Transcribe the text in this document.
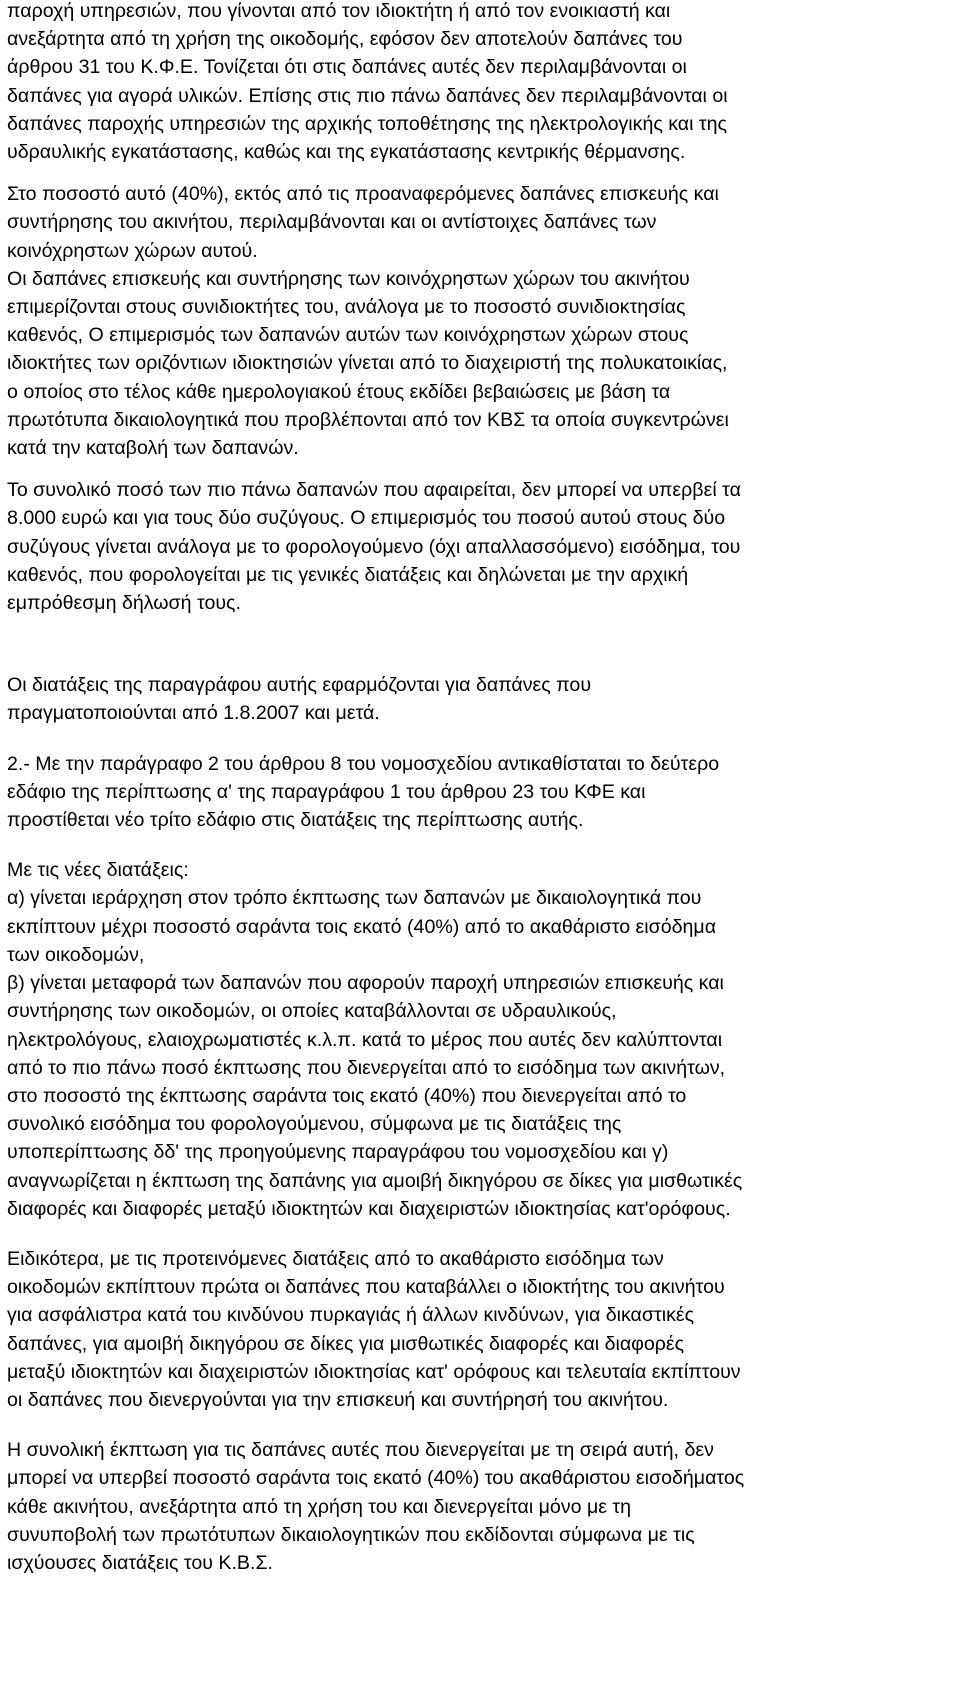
παροχή υπηρεσιών, που γίνονται από τον ιδιοκτήτη ή από τον ενοικιαστή και
ανεξάρτητα από τη χρήση της οικοδομής, εφόσον δεν αποτελούν δαπάνες του
άρθρου 31 του Κ.Φ.Ε. Τονίζεται ότι στις δαπάνες αυτές δεν περιλαμβάνονται οι
δαπάνες για αγορά υλικών. Επίσης στις πιο πάνω δαπάνες δεν περιλαμβάνονται οι
δαπάνες παροχής υπηρεσιών της αρχικής τοποθέτησης της ηλεκτρολογικής και της
υδραυλικής εγκατάστασης, καθώς και της εγκατάστασης κεντρικής θέρμανσης.
Στο ποσοστό αυτό (40%), εκτός από τις προαναφερόμενες δαπάνες επισκευής και
συντήρησης του ακινήτου, περιλαμβάνονται και οι αντίστοιχες δαπάνες των
κοινόχρηστων χώρων αυτού.
Οι δαπάνες επισκευής και συντήρησης των κοινόχρηστων χώρων του ακινήτου
επιμερίζονται στους συνιδιοκτήτες του, ανάλογα με το ποσοστό συνιδιοκτησίας
καθενός, Ο επιμερισμός των δαπανών αυτών των κοινόχρηστων χώρων στους
ιδιοκτήτες των οριζόντιων ιδιοκτησιών γίνεται από το διαχειριστή της πολυκατοικίας,
ο οποίος στο τέλος κάθε ημερολογιακού έτους εκδίδει βεβαιώσεις με βάση τα
πρωτότυπα δικαιολογητικά που προβλέπονται από τον ΚΒΣ τα οποία συγκεντρώνει
κατά την καταβολή των δαπανών.
Το συνολικό ποσό των πιο πάνω δαπανών που αφαιρείται, δεν μπορεί να υπερβεί τα
8.000 ευρώ και για τους δύο συζύγους. Ο επιμερισμός του ποσού αυτού στους δύο
συζύγους γίνεται ανάλογα με το φορολογούμενο (όχι απαλλασσόμενο) εισόδημα, του
καθενός, που φορολογείται με τις γενικές διατάξεις και δηλώνεται με την αρχική
εμπρόθεσμη δήλωσή τους.
Οι διατάξεις της παραγράφου αυτής εφαρμόζονται για δαπάνες που
πραγματοποιούνται από 1.8.2007 και μετά.
2.- Με την παράγραφο 2 του άρθρου 8 του νομοσχεδίου αντικαθίσταται το δεύτερο
εδάφιο της περίπτωσης α' της παραγράφου 1 του άρθρου 23 του ΚΦΕ και
προστίθεται νέο τρίτο εδάφιο στις διατάξεις της περίπτωσης αυτής.
Με τις νέες διατάξεις:
α) γίνεται ιεράρχηση στον τρόπο έκπτωσης των δαπανών με δικαιολογητικά που
εκπίπτουν μέχρι ποσοστό σαράντα τοις εκατό (40%) από το ακαθάριστο εισόδημα
των οικοδομών,
β) γίνεται μεταφορά των δαπανών που αφορούν παροχή υπηρεσιών επισκευής και
συντήρησης των οικοδομών, οι οποίες καταβάλλονται σε υδραυλικούς,
ηλεκτρολόγους, ελαιοχρωματιστές κ.λ.π. κατά το μέρος που αυτές δεν καλύπτονται
από το πιο πάνω ποσό έκπτωσης που διενεργείται από το εισόδημα των ακινήτων,
στο ποσοστό της έκπτωσης σαράντα τοις εκατό (40%) που διενεργείται από το
συνολικό εισόδημα του φορολογούμενου, σύμφωνα με τις διατάξεις της
υποπερίπτωσης δδ' της προηγούμενης παραγράφου του νομοσχεδίου και γ)
αναγνωρίζεται η έκπτωση της δαπάνης για αμοιβή δικηγόρου σε δίκες για μισθωτικές
διαφορές και διαφορές μεταξύ ιδιοκτητών και διαχειριστών ιδιοκτησίας κατ'ορόφους.
Ειδικότερα, με τις προτεινόμενες διατάξεις από το ακαθάριστο εισόδημα των
οικοδομών εκπίπτουν πρώτα οι δαπάνες που καταβάλλει ο ιδιοκτήτης του ακινήτου
για ασφάλιστρα κατά του κινδύνου πυρκαγιάς ή άλλων κινδύνων, για δικαστικές
δαπάνες, για αμοιβή δικηγόρου σε δίκες για μισθωτικές διαφορές και διαφορές
μεταξύ ιδιοκτητών και διαχειριστών ιδιοκτησίας κατ' ορόφους και τελευταία εκπίπτουν
οι δαπάνες που διενεργούνται για την επισκευή και συντήρησή του ακινήτου.
Η συνολική έκπτωση για τις δαπάνες αυτές που διενεργείται με τη σειρά αυτή, δεν
μπορεί να υπερβεί ποσοστό σαράντα τοις εκατό (40%) του ακαθάριστου εισοδήματος
κάθε ακινήτου, ανεξάρτητα από τη χρήση του και διενεργείται μόνο με τη
συνυποβολή των πρωτότυπων δικαιολογητικών που εκδίδονται σύμφωνα με τις
ισχύουσες διατάξεις του Κ.Β.Σ.
